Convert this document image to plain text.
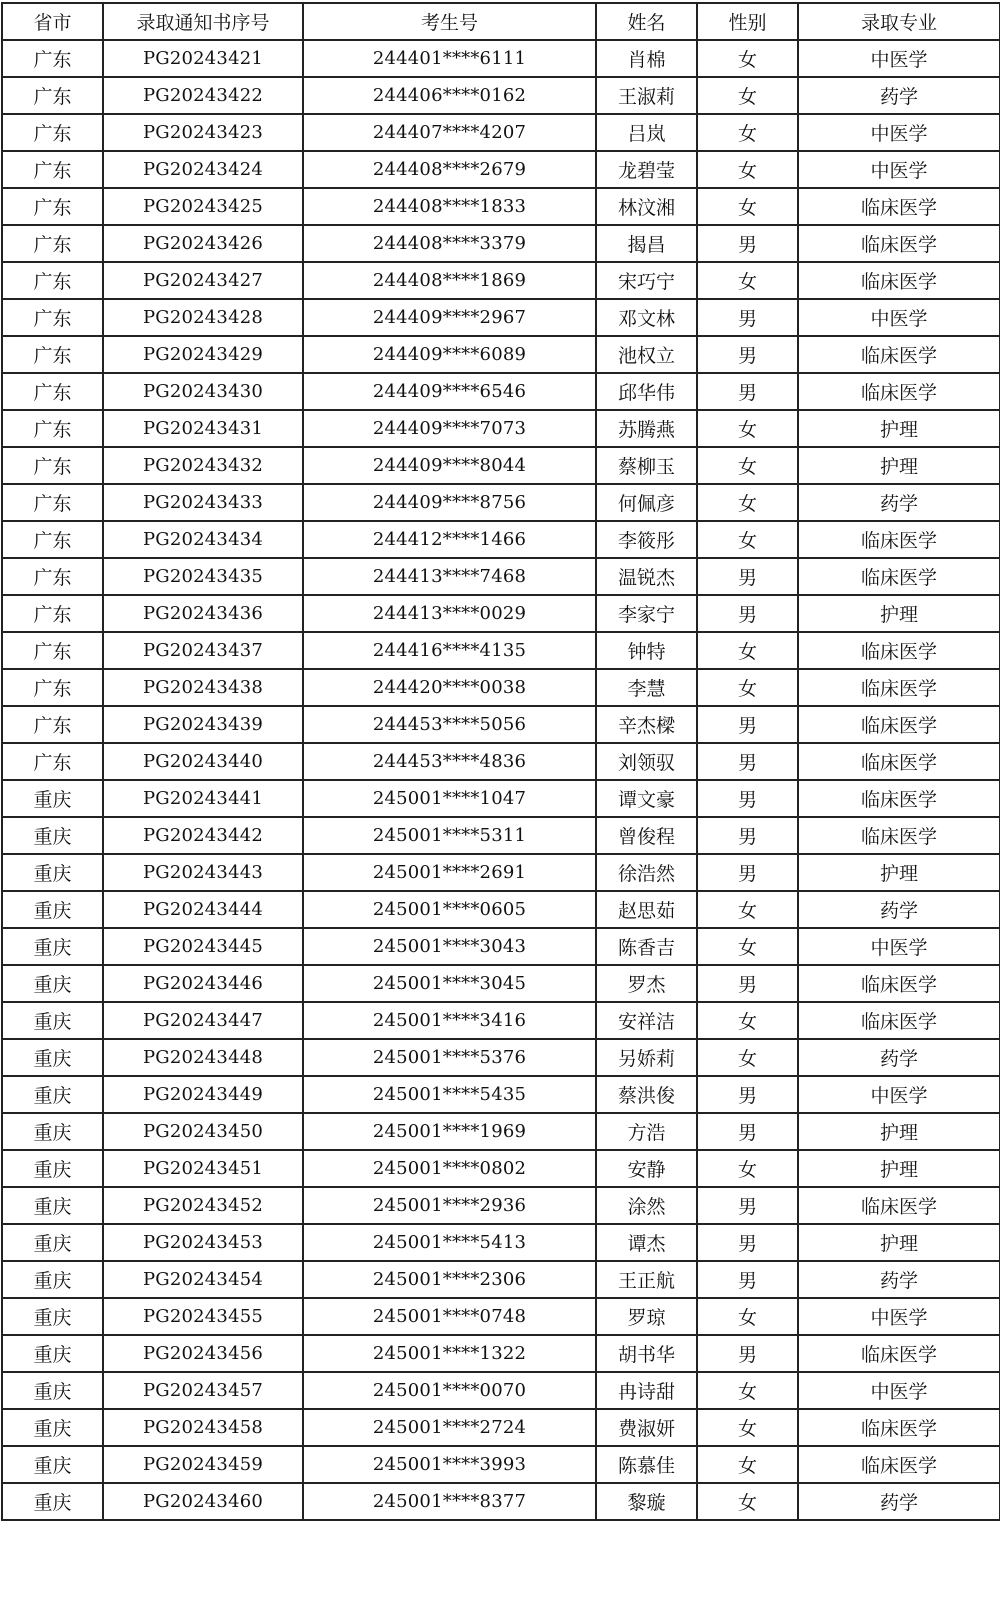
省市	录取通知书序号	考生号	姓名	性别	录取专业
广东	PG20243421	244401****6111	肖棉	女	中医学
广东	PG20243422	244406****0162	王淑莉	女	药学
广东	PG20243423	244407****4207	吕岚	女	中医学
广东	PG20243424	244408****2679	龙碧莹	女	中医学
广东	PG20243425	244408****1833	林汶湘	女	临床医学
广东	PG20243426	244408****3379	揭昌	男	临床医学
广东	PG20243427	244408****1869	宋巧宁	女	临床医学
广东	PG20243428	244409****2967	邓文林	男	中医学
广东	PG20243429	244409****6089	池权立	男	临床医学
广东	PG20243430	244409****6546	邱华伟	男	临床医学
广东	PG20243431	244409****7073	苏腾燕	女	护理
广东	PG20243432	244409****8044	蔡柳玉	女	护理
广东	PG20243433	244409****8756	何佩彦	女	药学
广东	PG20243434	244412****1466	李筱彤	女	临床医学
广东	PG20243435	244413****7468	温锐杰	男	临床医学
广东	PG20243436	244413****0029	李家宁	男	护理
广东	PG20243437	244416****4135	钟特	女	临床医学
广东	PG20243438	244420****0038	李慧	女	临床医学
广东	PG20243439	244453****5056	辛杰樑	男	临床医学
广东	PG20243440	244453****4836	刘领驭	男	临床医学
重庆	PG20243441	245001****1047	谭文豪	男	临床医学
重庆	PG20243442	245001****5311	曾俊程	男	临床医学
重庆	PG20243443	245001****2691	徐浩然	男	护理
重庆	PG20243444	245001****0605	赵思茹	女	药学
重庆	PG20243445	245001****3043	陈香吉	女	中医学
重庆	PG20243446	245001****3045	罗杰	男	临床医学
重庆	PG20243447	245001****3416	安祥洁	女	临床医学
重庆	PG20243448	245001****5376	另娇莉	女	药学
重庆	PG20243449	245001****5435	蔡洪俊	男	中医学
重庆	PG20243450	245001****1969	方浩	男	护理
重庆	PG20243451	245001****0802	安静	女	护理
重庆	PG20243452	245001****2936	涂然	男	临床医学
重庆	PG20243453	245001****5413	谭杰	男	护理
重庆	PG20243454	245001****2306	王正航	男	药学
重庆	PG20243455	245001****0748	罗琼	女	中医学
重庆	PG20243456	245001****1322	胡书华	男	临床医学
重庆	PG20243457	245001****0070	冉诗甜	女	中医学
重庆	PG20243458	245001****2724	费淑妍	女	临床医学
重庆	PG20243459	245001****3993	陈慕佳	女	临床医学
重庆	PG20243460	245001****8377	黎璇	女	药学
